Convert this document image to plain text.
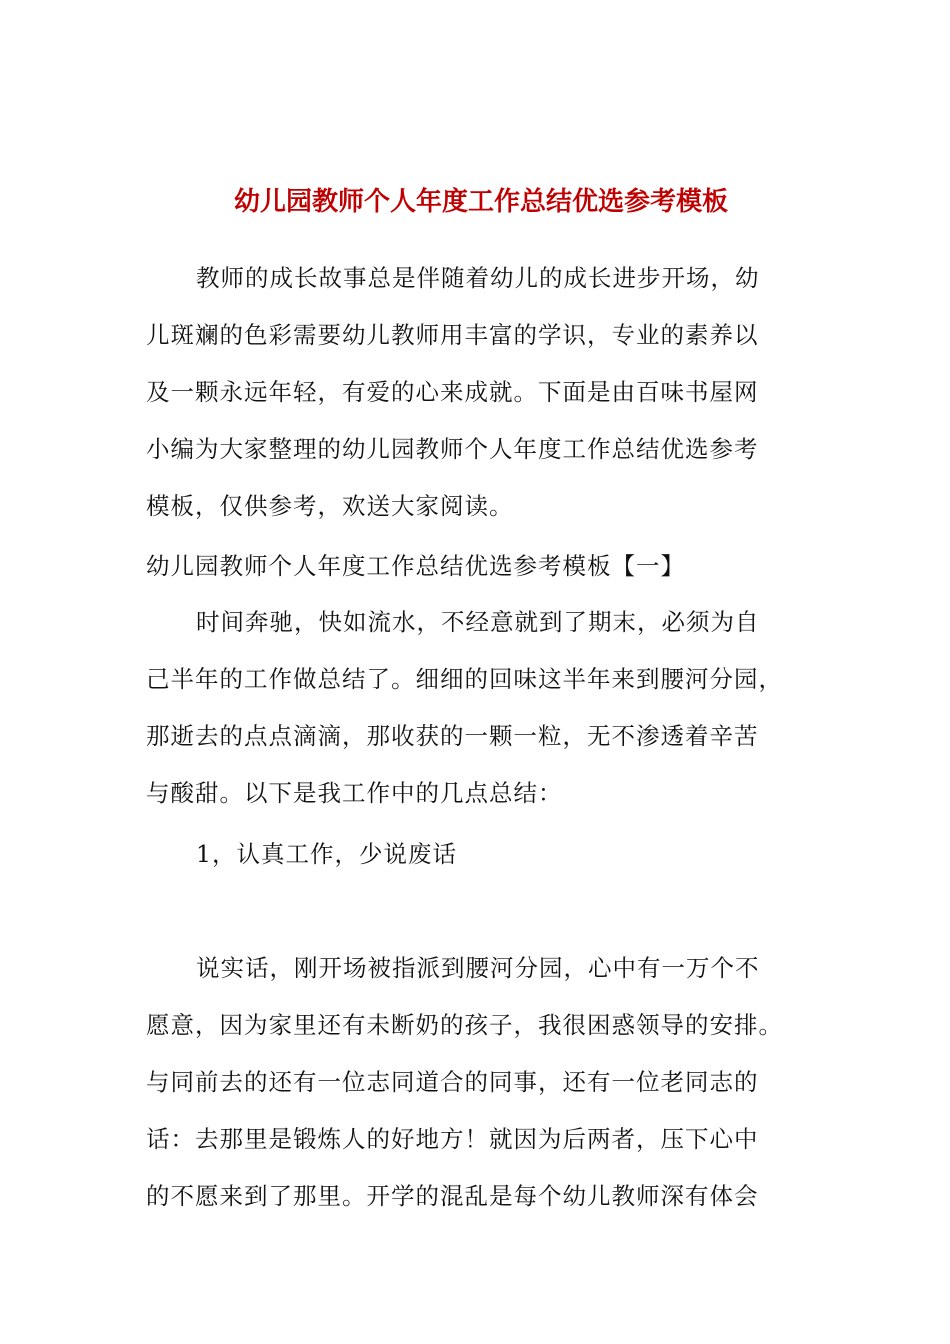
幼儿园教师个人年度工作总结优选参考模板
教师的成长故事总是伴随着幼儿的成长进步开场，幼
儿斑斓的色彩需要幼儿教师用丰富的学识，专业的素养以
及一颗永远年轻，有爱的心来成就。下面是由百味书屋网
小编为大家整理的幼儿园教师个人年度工作总结优选参考
模板，仅供参考，欢送大家阅读。
幼儿园教师个人年度工作总结优选参考模板【一】
时间奔驰，快如流水，不经意就到了期末，必须为自
己半年的工作做总结了。细细的回味这半年来到腰河分园，
那逝去的点点滴滴，那收获的一颗一粒，无不渗透着辛苦
与酸甜。以下是我工作中的几点总结：
1，认真工作，少说废话
说实话，刚开场被指派到腰河分园，心中有一万个不
愿意，因为家里还有未断奶的孩子，我很困惑领导的安排。
与同前去的还有一位志同道合的同事，还有一位老同志的
话：去那里是锻炼人的好地方！就因为后两者，压下心中
的不愿来到了那里。开学的混乱是每个幼儿教师深有体会
